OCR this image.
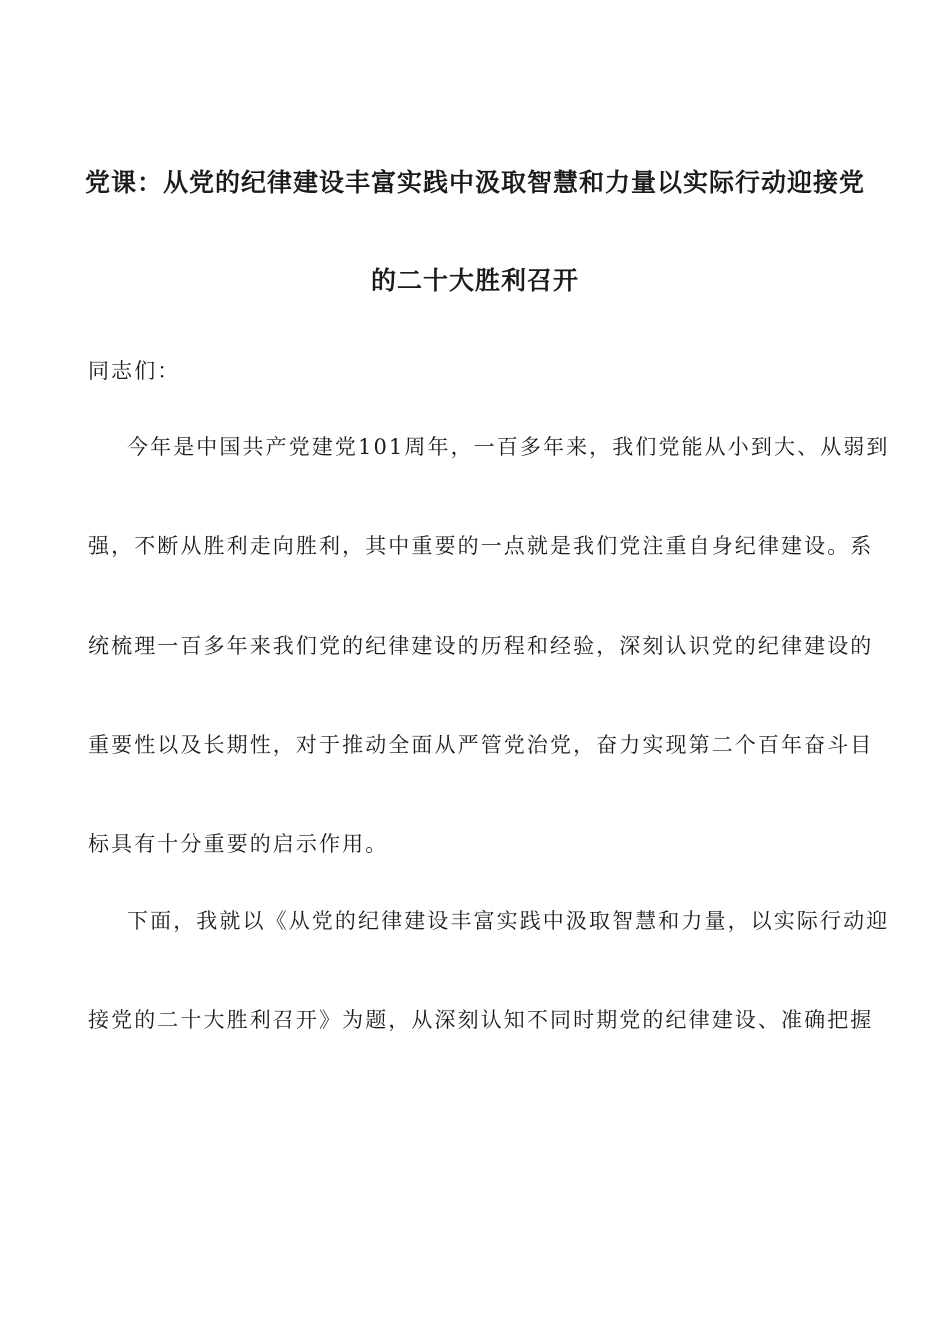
党课：从党的纪律建设丰富实践中汲取智慧和力量以实际行动迎接党
的二十大胜利召开
同志们：
今年是中国共产党建党101周年，一百多年来，我们党能从小到大、从弱到
强，不断从胜利走向胜利，其中重要的一点就是我们党注重自身纪律建设。系
统梳理一百多年来我们党的纪律建设的历程和经验，深刻认识党的纪律建设的
重要性以及长期性，对于推动全面从严管党治党，奋力实现第二个百年奋斗目
标具有十分重要的启示作用。
下面，我就以《从党的纪律建设丰富实践中汲取智慧和力量，以实际行动迎
接党的二十大胜利召开》为题，从深刻认知不同时期党的纪律建设、准确把握
